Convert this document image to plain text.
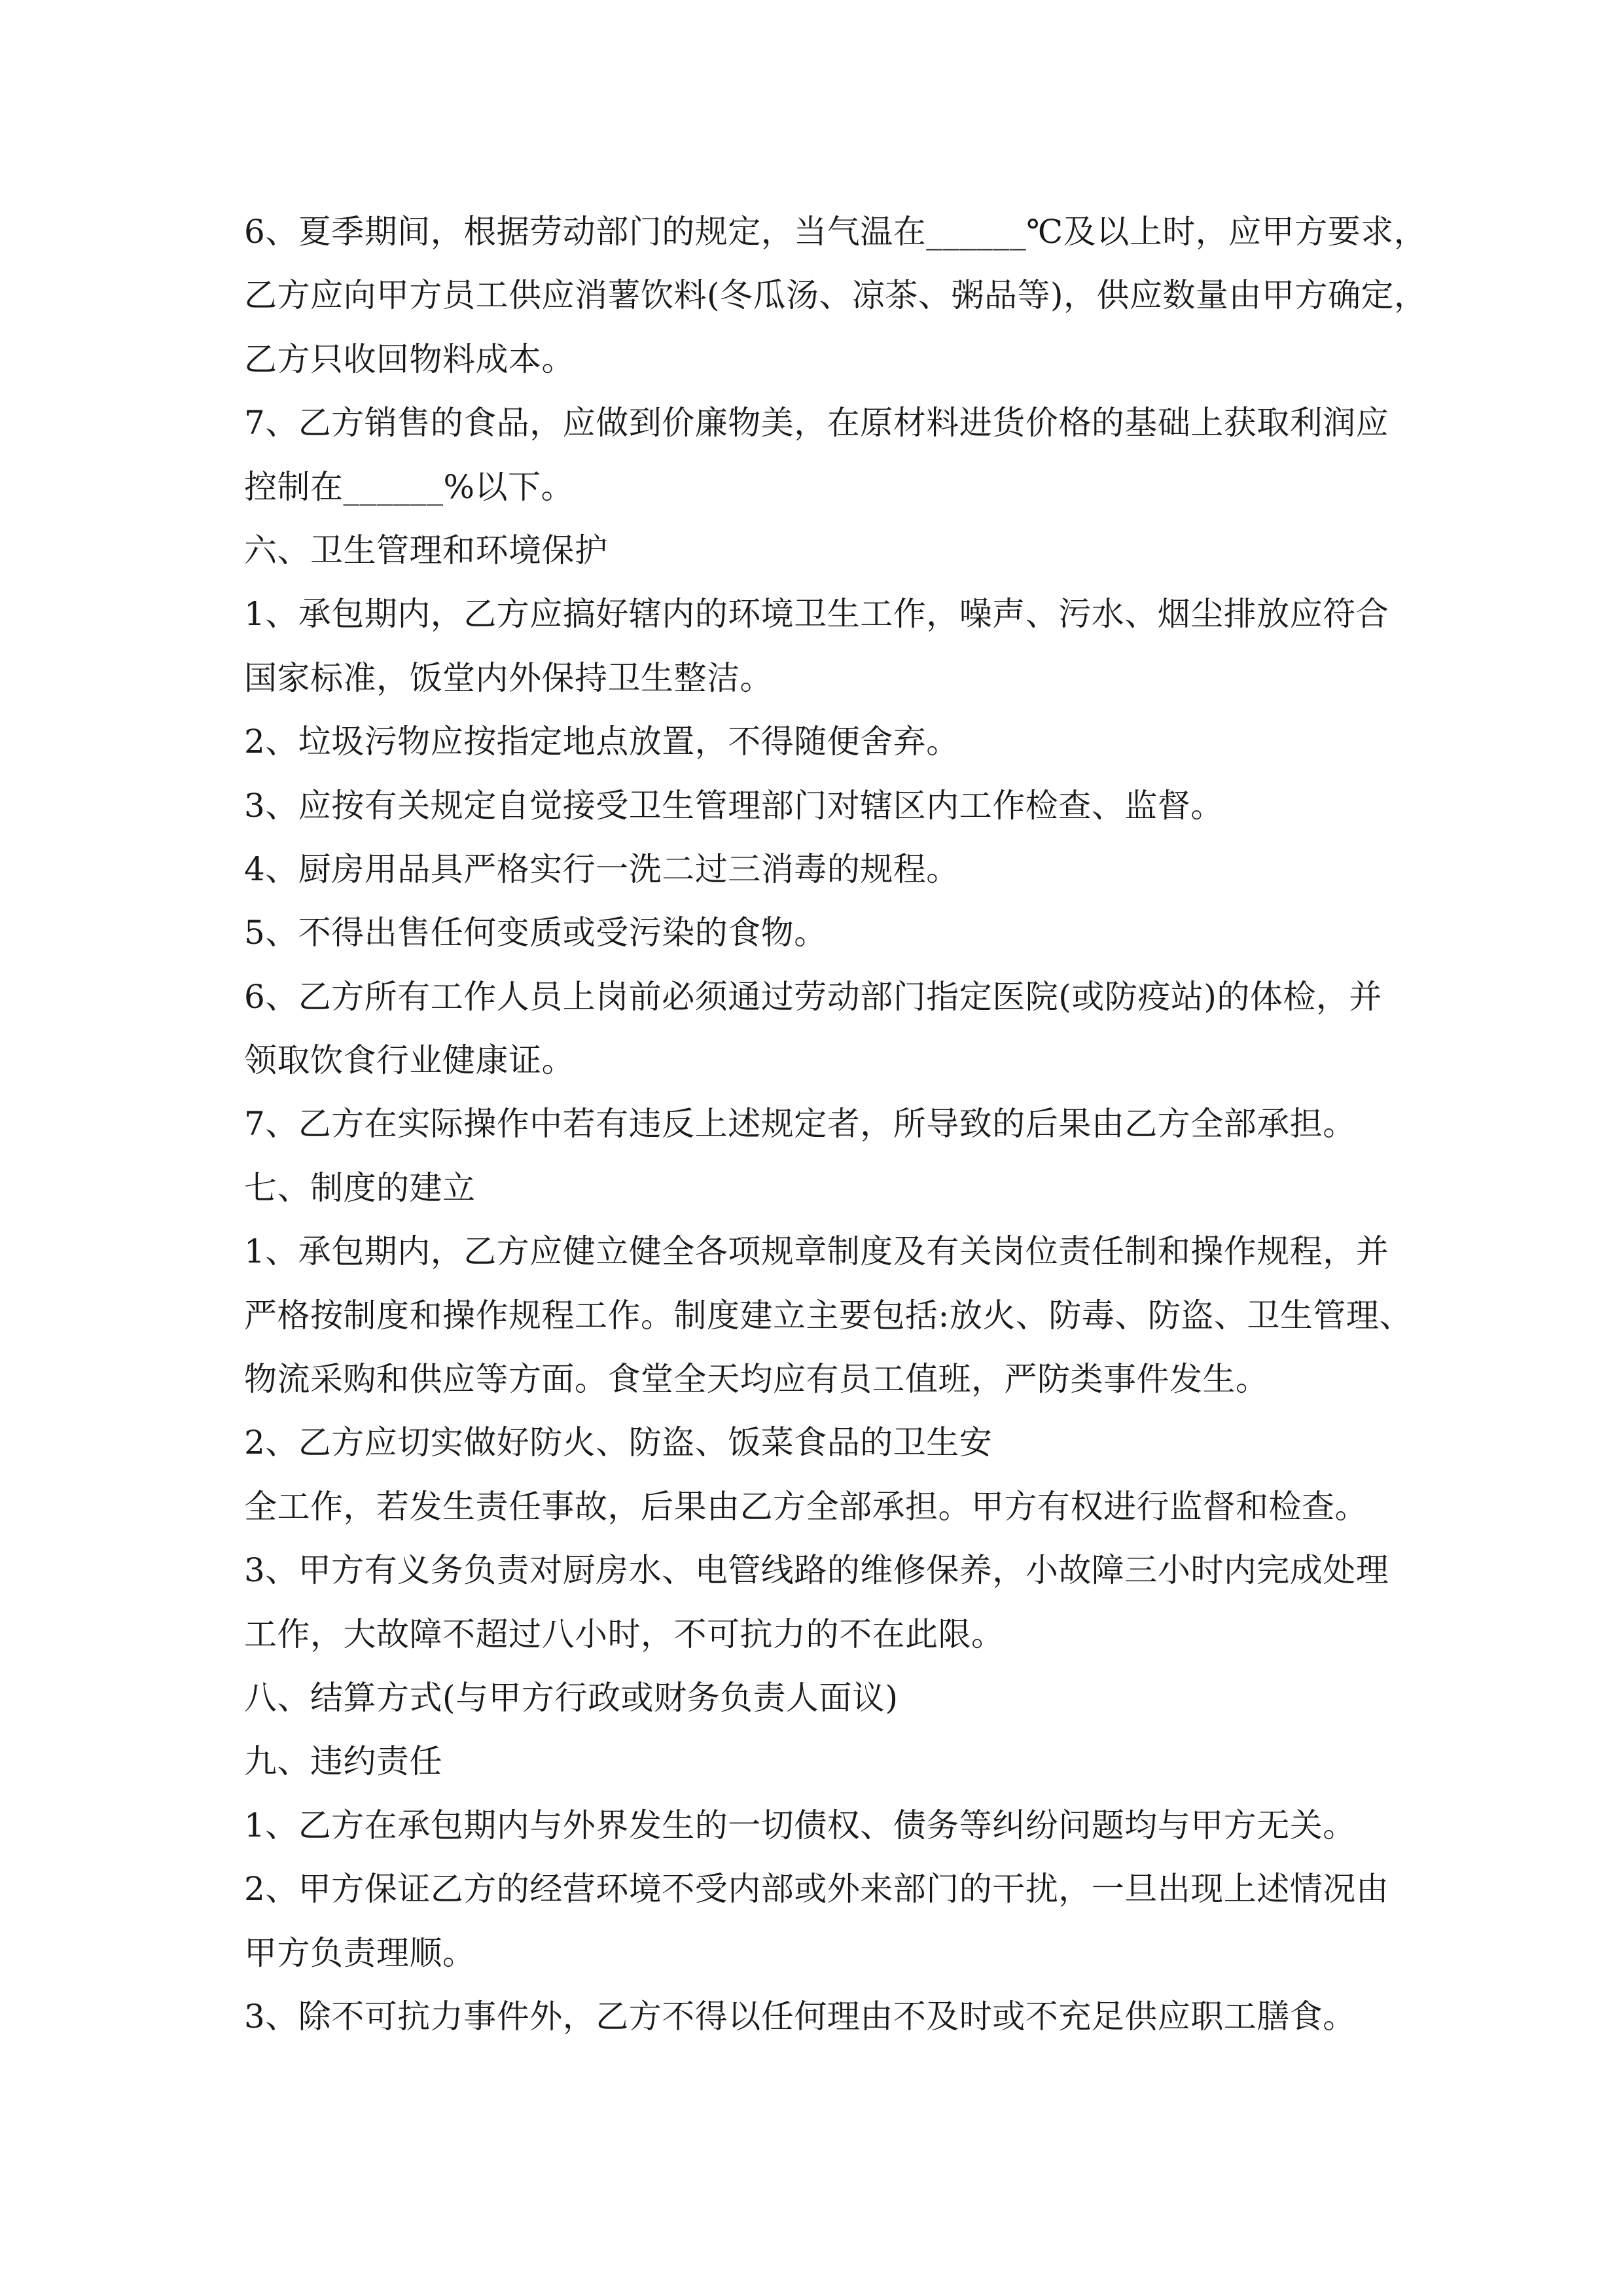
6、夏季期间，根据劳动部门的规定，当气温在______℃及以上时，应甲方要求，
乙方应向甲方员工供应消薯饮料(冬瓜汤、凉茶、粥品等)，供应数量由甲方确定，
乙方只收回物料成本。
7、乙方销售的食品，应做到价廉物美，在原材料进货价格的基础上获取利润应
控制在______%以下。
六、卫生管理和环境保护
1、承包期内，乙方应搞好辖内的环境卫生工作，噪声、污水、烟尘排放应符合
国家标准，饭堂内外保持卫生整洁。
2、垃圾污物应按指定地点放置，不得随便舍弃。
3、应按有关规定自觉接受卫生管理部门对辖区内工作检查、监督。
4、厨房用品具严格实行一洗二过三消毒的规程。
5、不得出售任何变质或受污染的食物。
6、乙方所有工作人员上岗前必须通过劳动部门指定医院(或防疫站)的体检，并
领取饮食行业健康证。
7、乙方在实际操作中若有违反上述规定者，所导致的后果由乙方全部承担。
七、制度的建立
1、承包期内，乙方应健立健全各项规章制度及有关岗位责任制和操作规程，并
严格按制度和操作规程工作。制度建立主要包括:放火、防毒、防盗、卫生管理、
物流采购和供应等方面。食堂全天均应有员工值班，严防类事件发生。
2、乙方应切实做好防火、防盗、饭菜食品的卫生安
全工作，若发生责任事故，后果由乙方全部承担。甲方有权进行监督和检查。
3、甲方有义务负责对厨房水、电管线路的维修保养，小故障三小时内完成处理
工作，大故障不超过八小时，不可抗力的不在此限。
八、结算方式(与甲方行政或财务负责人面议)
九、违约责任
1、乙方在承包期内与外界发生的一切债权、债务等纠纷问题均与甲方无关。
2、甲方保证乙方的经营环境不受内部或外来部门的干扰，一旦出现上述情况由
甲方负责理顺。
3、除不可抗力事件外，乙方不得以任何理由不及时或不充足供应职工膳食。
